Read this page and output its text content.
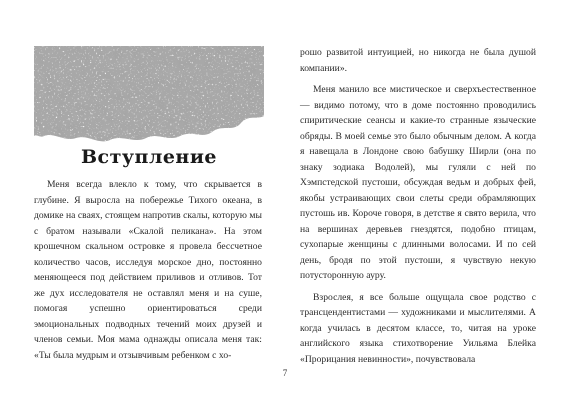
Вступление

Меня всегда влекло к тому, что скрывается в глубине. Я выросла на побережье Тихого океана, в домике на сваях, стоящем напротив скалы, которую мы с братом называли «Скалой пеликана». На этом крошечном скальном островке я провела бессчетное количество часов, исследуя морское дно, постоянно меняющееся под действием приливов и отливов. Тот же дух исследователя не оставлял меня и на суше, помогая успешно ориентироваться среди эмоциональных подводных течений моих друзей и членов семьи. Моя мама однажды описала меня так: «Ты была мудрым и отзывчивым ребенком с хо-

рошо развитой интуицией, но никогда не была душой компании».

Меня манило все мистическое и сверхъестественное — видимо потому, что в доме постоянно проводились спиритические сеансы и какие-то странные языческие обряды. В моей семье это было обычным делом. А когда я навещала в Лондоне свою бабушку Ширли (она по знаку зодиака Водолей), мы гуляли с ней по Хэмпстедской пустоши, обсуждая ведьм и добрых фей, якобы устраивающих свои слеты среди обрамляющих пустошь ив. Короче говоря, в детстве я свято верила, что на вершинах деревьев гнездятся, подобно птицам, сухопарые женщины с длинными волосами. И по сей день, бродя по этой пустоши, я чувствую некую потусторонную ауру.

Взрослея, я все больше ощущала свое родство с трансцендентистами — художниками и мыслителями. А когда училась в десятом классе, то, читая на уроке английского языка стихотворение Уильяма Блейка «Прорицания невинности», почувствовала

7
